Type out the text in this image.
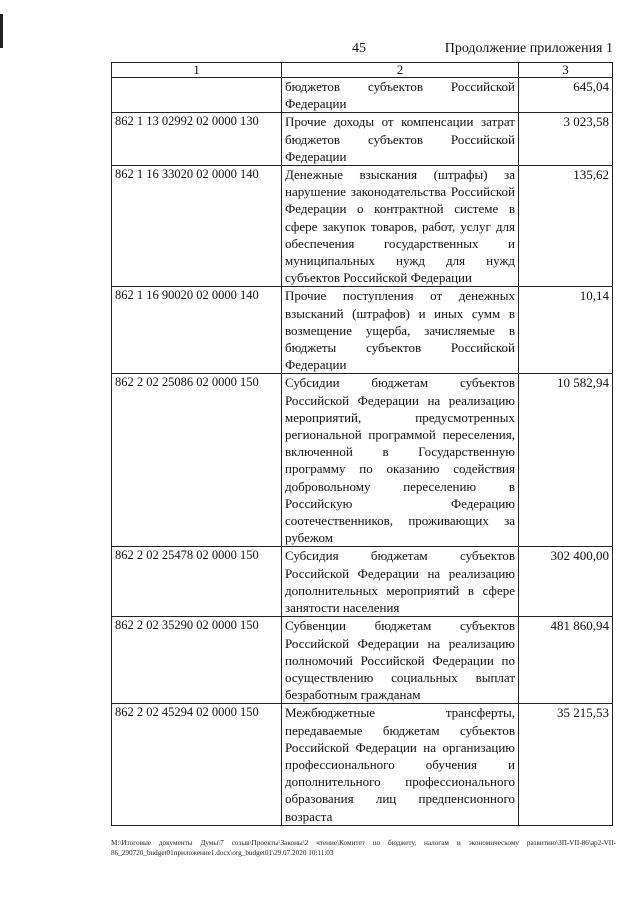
45	Продолжение приложения 1
1	2	3
	бюджетов субъектов Российской Федерации	645,04
862 1 13 02992 02 0000 130	Прочие доходы от компенсации затрат бюджетов субъектов Российской Федерации	3 023,58
862 1 16 33020 02 0000 140	Денежные взыскания (штрафы) за нарушение законодательства Российской Федерации о контрактной системе в сфере закупок товаров, работ, услуг для обеспечения государственных и муниципальных нужд для нужд субъектов Российской Федерации	135,62
862 1 16 90020 02 0000 140	Прочие поступления от денежных взысканий (штрафов) и иных сумм в возмещение ущерба, зачисляемые в бюджеты субъектов Российской Федерации	10,14
862 2 02 25086 02 0000 150	Субсидии бюджетам субъектов Российской Федерации на реализацию мероприятий, предусмотренных региональной программой переселения, включенной в Государственную программу по оказанию содействия добровольному переселению в Российскую Федерацию соотечественников, проживающих за рубежом	10 582,94
862 2 02 25478 02 0000 150	Субсидия бюджетам субъектов Российской Федерации на реализацию дополнительных мероприятий в сфере занятости населения	302 400,00
862 2 02 35290 02 0000 150	Субвенции бюджетам субъектов Российской Федерации на реализацию полномочий Российской Федерации по осуществлению социальных выплат безработным гражданам	481 860,94
862 2 02 45294 02 0000 150	Межбюджетные трансферты, передаваемые бюджетам субъектов Российской Федерации на организацию профессионального обучения и дополнительного профессионального образования лиц предпенсионного возраста	35 215,53
M:\Итоговые документы Думы\7 созыв\Проекты\Законы\2 чтение\Комитет по бюджету, налогам и экономическому развитию\ЗП-VII-86\ap2-VII-86_290720_budget01приложение1.docx\org_budget01\29.07.2020 10:11:03
